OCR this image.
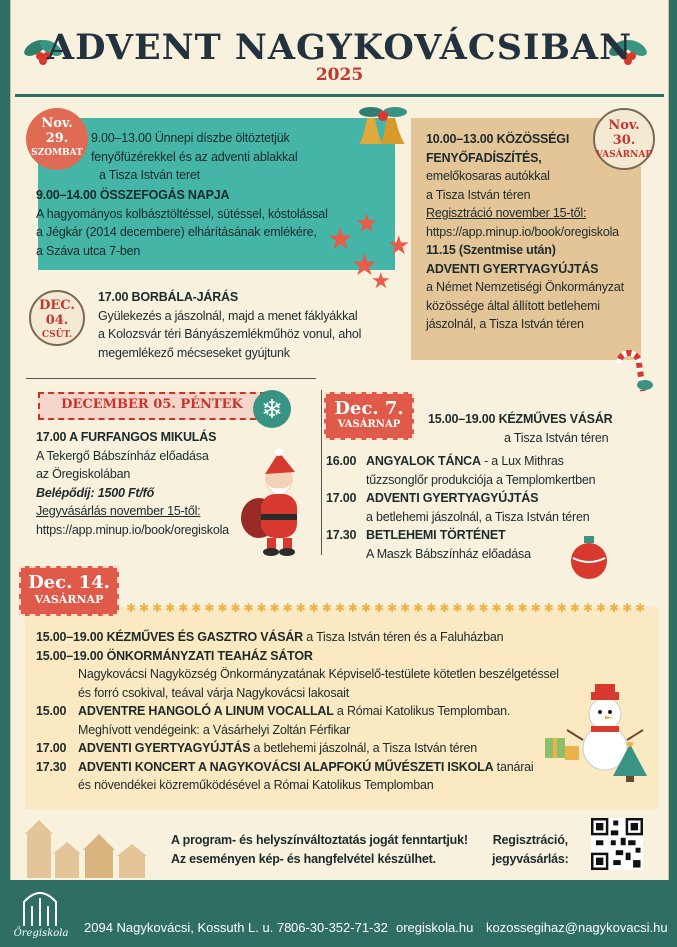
ADVENT NAGYKOVÁCSIBAN
2025
Nov.
29.
SZOMBAT
9.00–13.00 Ünnepi díszbe öltöztetjük
fenyőfüzérekkel és az adventi ablakkal
a Tisza István teret
9.00–14.00 ÖSSZEFOGÁS NAPJA
A hagyományos kolbásztöltéssel, sütéssel, kóstolással
a Jégkár (2014 decembere) elhárításának emlékére,
a Száva utca 7-ben	★ ★
★
★
★
Nov.
30.
VASÁRNAP
10.00–13.00 KÖZÖSSÉGI
FENYŐFADÍSZÍTÉS,
emelőkosaras autókkal
a Tisza István téren
Regisztráció november 15-től:
https://app.minup.io/book/oregiskola
11.15 (Szentmise után)
ADVENTI GYERTYAGYÚJTÁS
a Német Nemzetiségi Önkormányzat
közössége által állított betlehemi
jászolnál, a Tisza István téren
DEC.
04.
CSÜT.
17.00 BORBÁLA-JÁRÁS
Gyülekezés a jászolnál, majd a menet fáklyákkal
a Kolozsvár téri Bányászemlékműhöz vonul, ahol
megemlékező mécseseket gyújtunk
DECEMBER 05. PÉNTEK ❄
17.00 A FURFANGOS MIKULÁS
A Tekergő Bábszínház előadása
az Öregiskolában
Belépődíj: 1500 Ft/fő
Jegyvásárlás november 15-től:
https://app.minup.io/book/oregiskola
Dec. 7.
VASÁRNAP	15.00–19.00 KÉZMŰVES VÁSÁR
a Tisza István téren
16.00 ANGYALOK TÁNCA - a Lux Mithras
tűzzsonglőr produkciója a Templomkertben
17.00 ADVENTI GYERTYAGYÚJTÁS
a betlehemi jászolnál, a Tisza István téren
17.30 BETLEHEMI TÖRTÉNET
A Maszk Bábszínház előadása
✱✱✱✱✱✱✱✱✱✱✱✱✱✱✱✱✱✱✱✱✱✱✱✱✱✱✱✱✱✱✱✱✱✱✱✱✱✱✱✱
Dec. 14.
VASÁRNAP
15.00–19.00 KÉZMŰVES ÉS GASZTRO VÁSÁR a Tisza István téren és a Faluházban
15.00–19.00 ÖNKORMÁNYZATI TEAHÁZ SÁTOR
Nagykovácsi Nagyközség Önkormányzatának Képviselő-testülete kötetlen beszélgetéssel
és forró csokival, teával várja Nagykovácsi lakosait
15.00 ADVENTRE HANGOLÓ A LINUM VOCALLAL a Római Katolikus Templomban.
Meghívott vendégeink: a Vásárhelyi Zoltán Férfikar
17.00 ADVENTI GYERTYAGYÚJTÁS a betlehemi jászolnál, a Tisza István téren
17.30 ADVENTI KONCERT A NAGYKOVÁCSI ALAPFOKÚ MŰVÉSZETI ISKOLA tanárai
és növendékei közreműködésével a Római Katolikus Templomban
A program- és helyszínváltoztatás jogát fenntartjuk!
Az eseményen kép- és hangfelvétel készülhet.
Regisztráció,
jegyvásárlás:
Öregiskola	2094 Nagykovácsi, Kossuth L. u. 78.
06-30-352-71-32 oregiskola.hu kozossegihaz@nagykovacsi.hu
